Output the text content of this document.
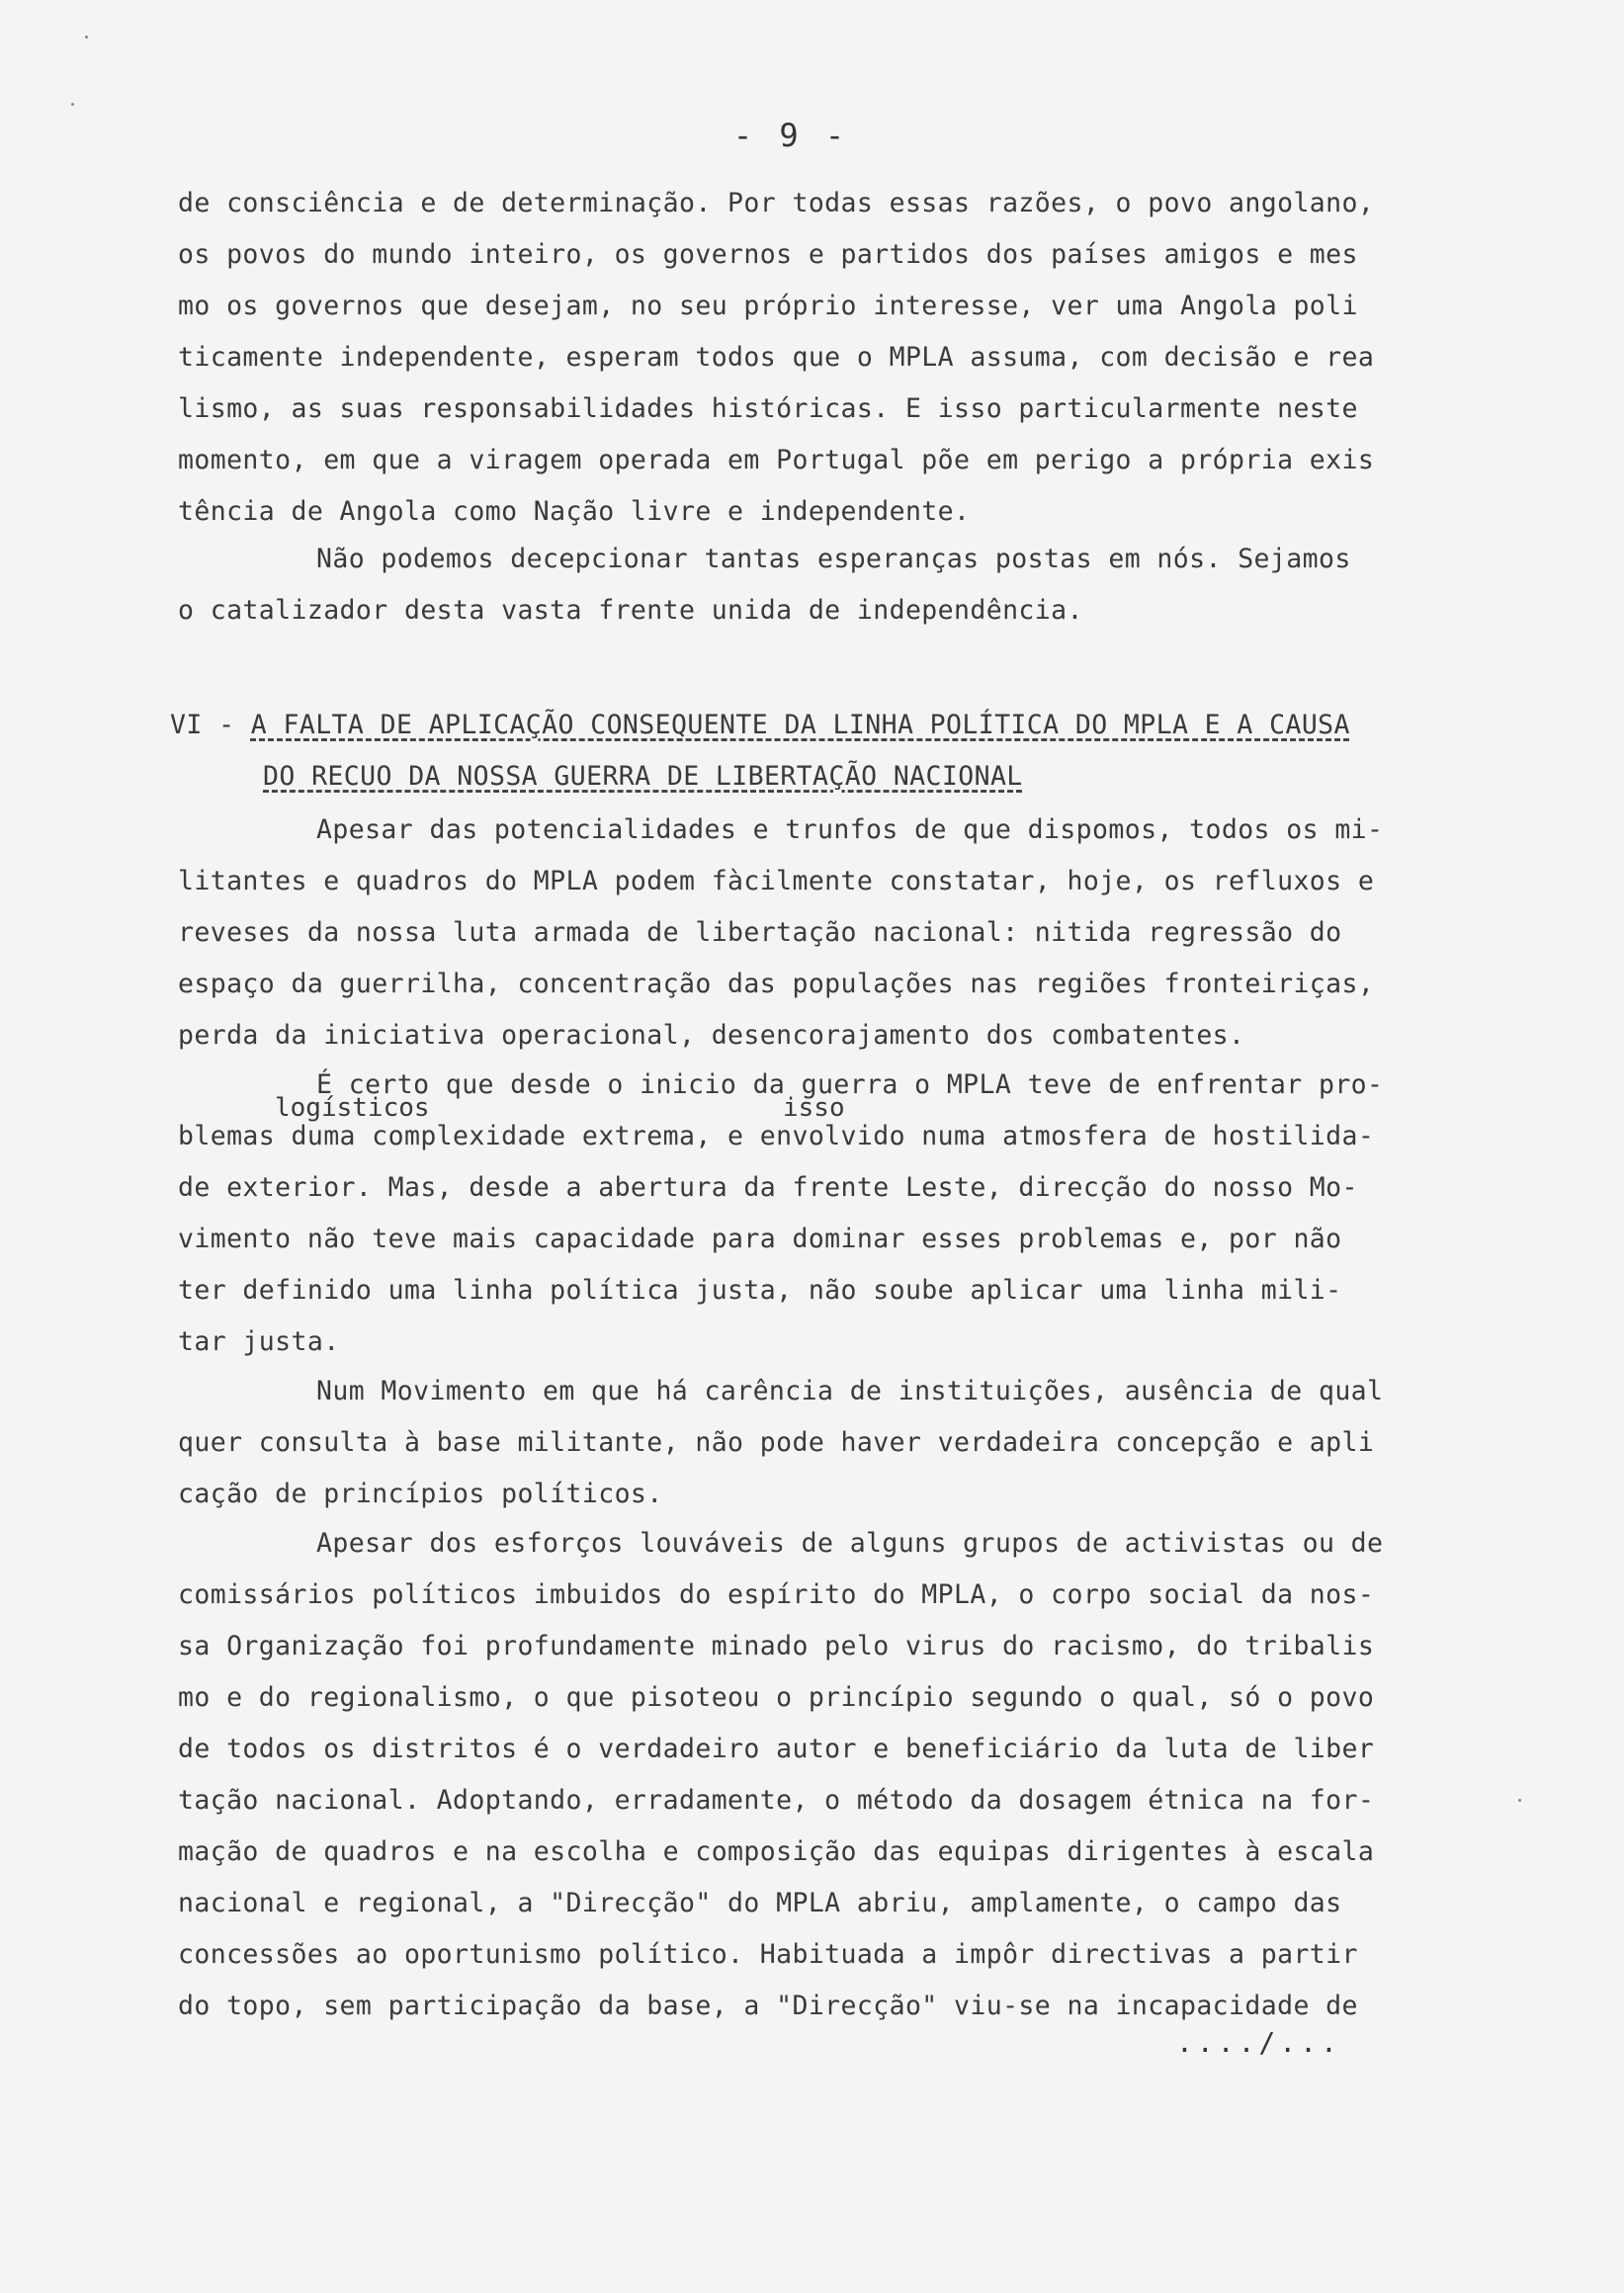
- 9 -
de consciência e de determinação. Por todas essas razões, o povo angolano,
os povos do mundo inteiro, os governos e partidos dos países amigos e mes
mo os governos que desejam, no seu próprio interesse, ver uma Angola poli
ticamente independente, esperam todos que o MPLA assuma, com decisão e rea
lismo, as suas responsabilidades históricas. E isso particularmente neste
momento, em que a viragem operada em Portugal põe em perigo a própria exis
tência de Angola como Nação livre e independente.
Não podemos decepcionar tantas esperanças postas em nós. Sejamos
o catalizador desta vasta frente unida de independência.
VI - A FALTA DE APLICAÇÃO CONSEQUENTE DA LINHA POLÍTICA DO MPLA E A CAUSA
DO RECUO DA NOSSA GUERRA DE LIBERTAÇÃO NACIONAL
Apesar das potencialidades e trunfos de que dispomos, todos os mi-
litantes e quadros do MPLA podem fàcilmente constatar, hoje, os refluxos e
reveses da nossa luta armada de libertação nacional: nitida regressão do
espaço da guerrilha, concentração das populações nas regiões fronteiriças,
perda da iniciativa operacional, desencorajamento dos combatentes.
É certo que desde o inicio da guerra o MPLA teve de enfrentar pro-
blemas duma complexidade extrema, e envolvido numa atmosfera de hostilida-
de exterior. Mas, desde a abertura da frente Leste, direcção do nosso Mo-
vimento não teve mais capacidade para dominar esses problemas e, por não
ter definido uma linha política justa, não soube aplicar uma linha mili-
tar justa.
logísticos	isso
Num Movimento em que há carência de instituições, ausência de qual
quer consulta à base militante, não pode haver verdadeira concepção e apli
cação de princípios políticos.
Apesar dos esforços louváveis de alguns grupos de activistas ou de
comissários políticos imbuidos do espírito do MPLA, o corpo social da nos-
sa Organização foi profundamente minado pelo virus do racismo, do tribalis
mo e do regionalismo, o que pisoteou o princípio segundo o qual, só o povo
de todos os distritos é o verdadeiro autor e beneficiário da luta de liber
tação nacional. Adoptando, erradamente, o método da dosagem étnica na for-
mação de quadros e na escolha e composição das equipas dirigentes à escala
nacional e regional, a "Direcção" do MPLA abriu, amplamente, o campo das
concessões ao oportunismo político. Habituada a impôr directivas a partir
do topo, sem participação da base, a "Direcção" viu-se na incapacidade de
..../...
